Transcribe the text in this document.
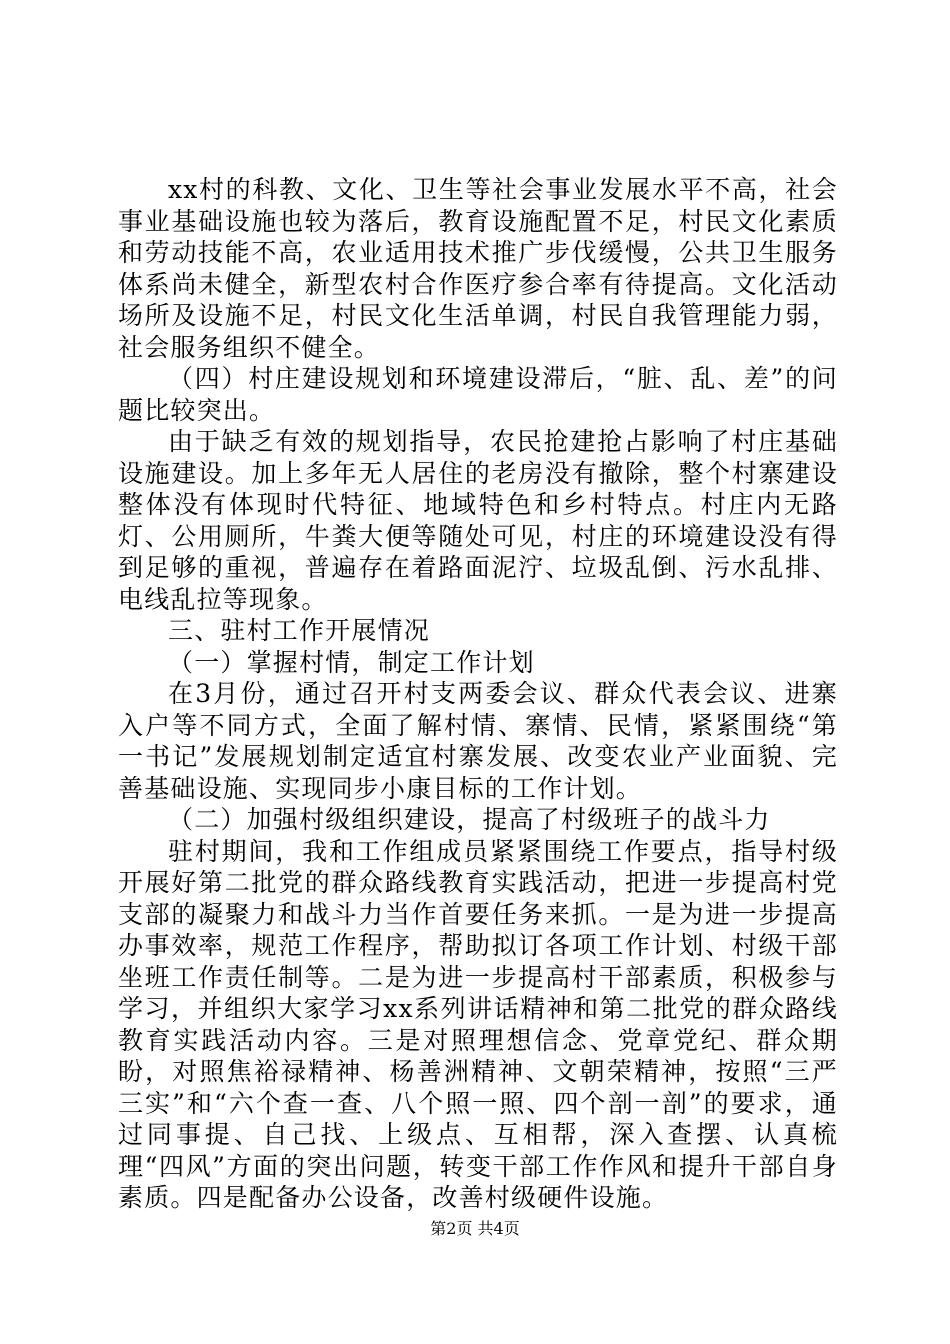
xx村的科教、文化、卫生等社会事业发展水平不高，社会事业基础设施也较为落后，教育设施配置不足，村民文化素质和劳动技能不高，农业适用技术推广步伐缓慢，公共卫生服务体系尚未健全，新型农村合作医疗参合率有待提高。文化活动场所及设施不足，村民文化生活单调，村民自我管理能力弱，社会服务组织不健全。

（四）村庄建设规划和环境建设滞后，“脏、乱、差”的问题比较突出。

由于缺乏有效的规划指导，农民抢建抢占影响了村庄基础设施建设。加上多年无人居住的老房没有撤除，整个村寨建设整体没有体现时代特征、地域特色和乡村特点。村庄内无路灯、公用厕所，牛粪大便等随处可见，村庄的环境建设没有得到足够的重视，普遍存在着路面泥泞、垃圾乱倒、污水乱排、电线乱拉等现象。

三、驻村工作开展情况

（一）掌握村情，制定工作计划

在3月份，通过召开村支两委会议、群众代表会议、进寨入户等不同方式，全面了解村情、寨情、民情，紧紧围绕“第一书记”发展规划制定适宜村寨发展、改变农业产业面貌、完善基础设施、实现同步小康目标的工作计划。

（二）加强村级组织建设，提高了村级班子的战斗力

驻村期间，我和工作组成员紧紧围绕工作要点，指导村级开展好第二批党的群众路线教育实践活动，把进一步提高村党支部的凝聚力和战斗力当作首要任务来抓。一是为进一步提高办事效率，规范工作程序，帮助拟订各项工作计划、村级干部坐班工作责任制等。二是为进一步提高村干部素质，积极参与学习，并组织大家学习xx系列讲话精神和第二批党的群众路线教育实践活动内容。三是对照理想信念、党章党纪、群众期盼，对照焦裕禄精神、杨善洲精神、文朝荣精神，按照“三严三实”和“六个查一查、八个照一照、四个剖一剖”的要求，通过同事提、自己找、上级点、互相帮，深入查摆、认真梳理“四风”方面的突出问题，转变干部工作作风和提升干部自身素质。四是配备办公设备，改善村级硬件设施。

第2页 共4页
